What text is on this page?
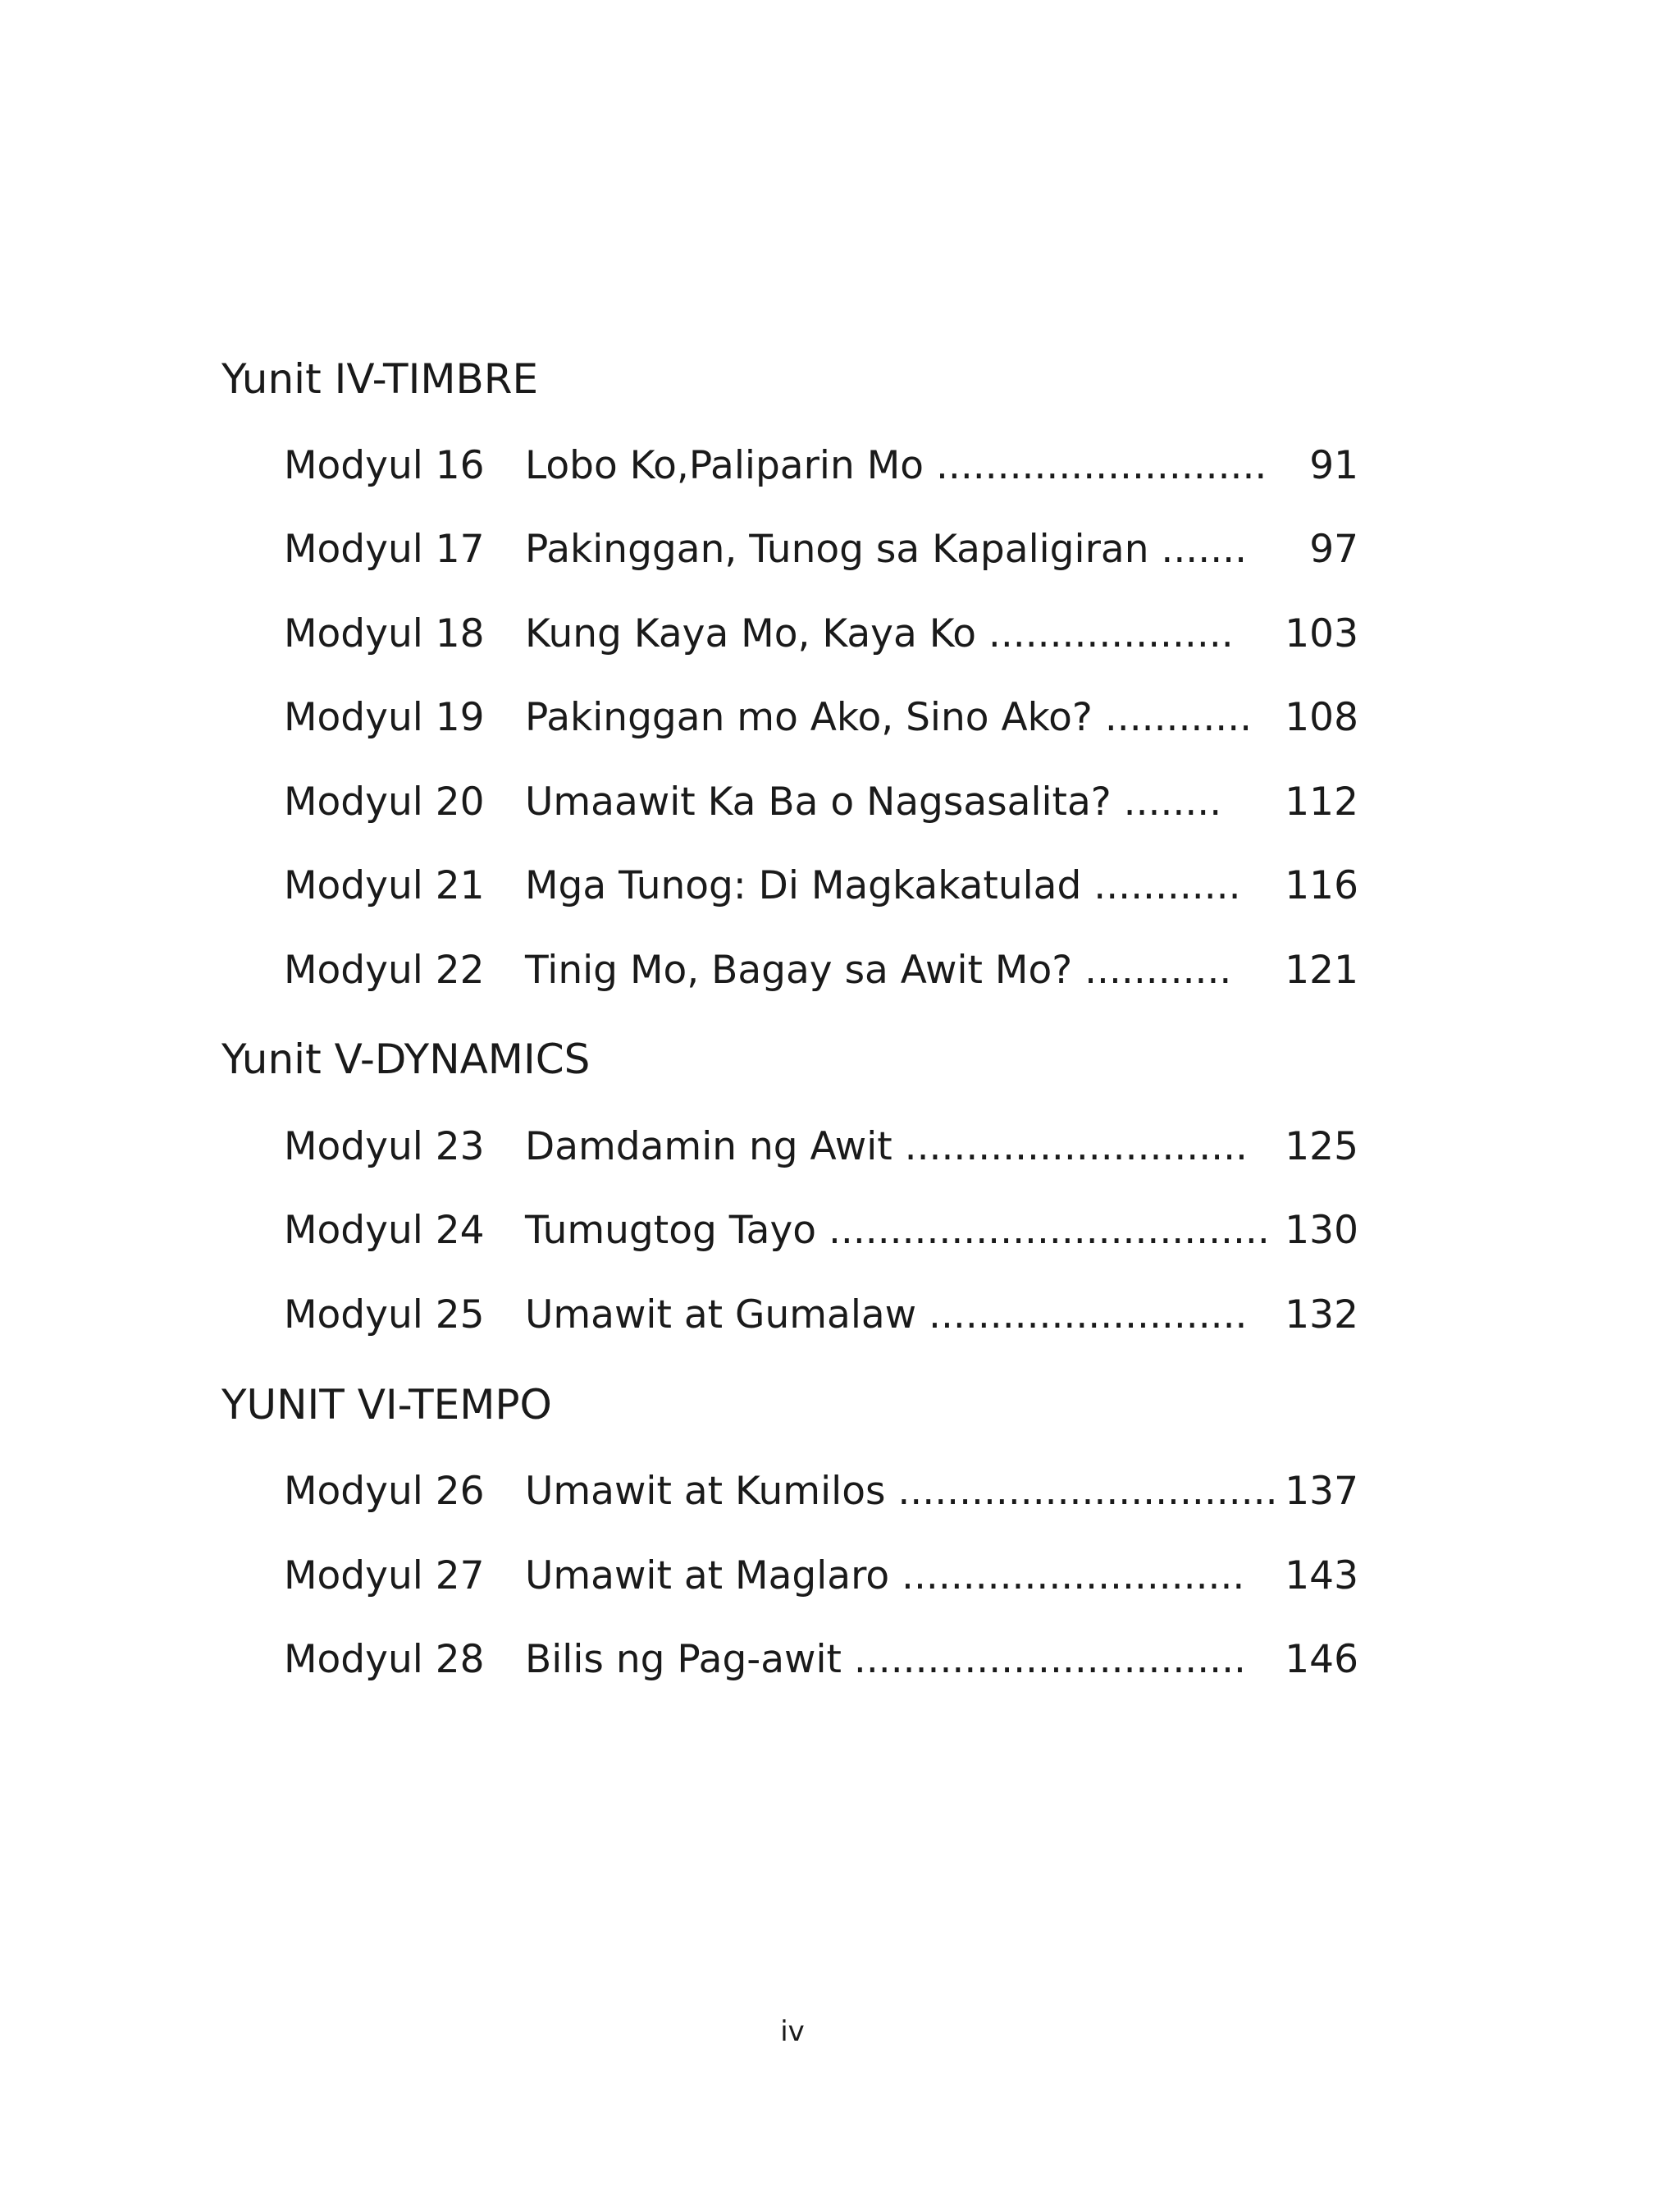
Yunit IV-TIMBRE
Modyul 16 Lobo Ko,Paliparin Mo ........................... 91
Modyul 17 Pakinggan, Tunog sa Kapaligiran ....... 97
Modyul 18 Kung Kaya Mo, Kaya Ko .................... 103
Modyul 19 Pakinggan mo Ako, Sino Ako? ............ 108
Modyul 20 Umaawit Ka Ba o Nagsasalita? ........ 112
Modyul 21 Mga Tunog: Di Magkakatulad ............ 116
Modyul 22 Tinig Mo, Bagay sa Awit Mo? ............ 121
Yunit V-DYNAMICS
Modyul 23 Damdamin ng Awit ............................ 125
Modyul 24 Tumugtog Tayo .................................... 130
Modyul 25 Umawit at Gumalaw .......................... 132
YUNIT VI-TEMPO
Modyul 26 Umawit at Kumilos ............................... 137
Modyul 27 Umawit at Maglaro ............................ 143
Modyul 28 Bilis ng Pag-awit ................................ 146
iv
